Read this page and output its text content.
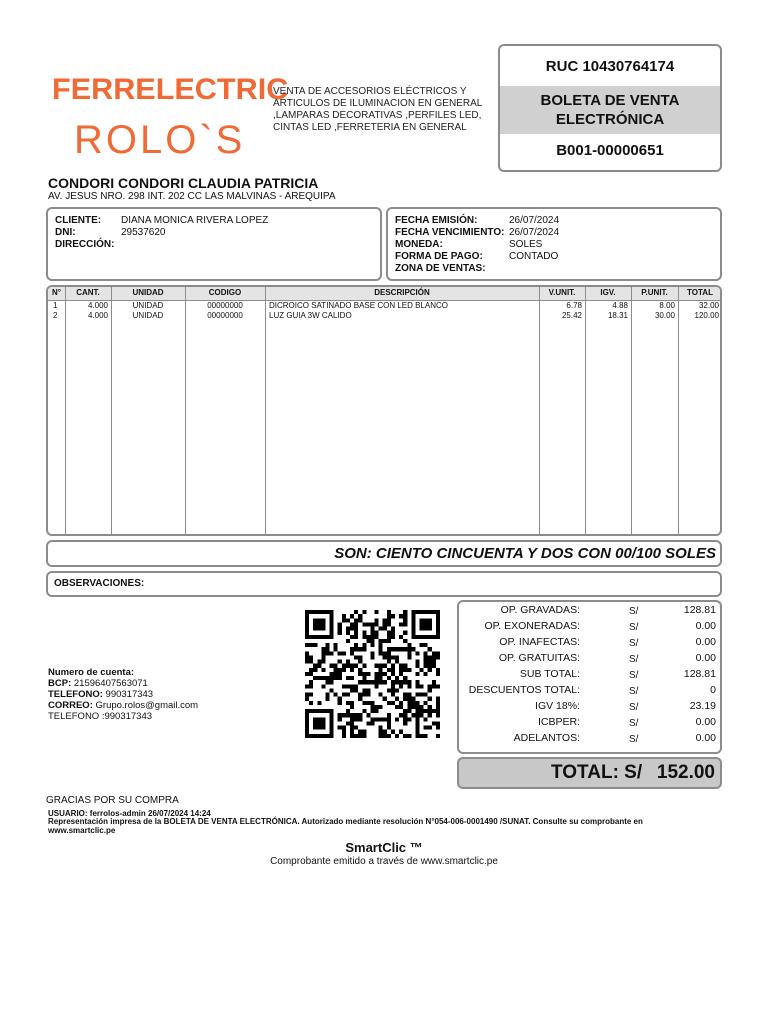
FERRELECTRIC
ROLO`S
VENTA DE ACCESORIOS ELÉCTRICOS Y ARTICULOS DE ILUMINACION EN GENERAL ,LAMPARAS DECORATIVAS ,PERFILES LED, CINTAS LED ,FERRETERIA EN GENERAL
RUC 10430764174
BOLETA DE VENTA ELECTRÓNICA
B001-00000651
CONDORI CONDORI CLAUDIA PATRICIA
AV. JESUS NRO. 298 INT. 202 CC LAS MALVINAS - AREQUIPA
CLIENTE: DIANA MONICA RIVERA LOPEZ
DNI:	29537620
DIRECCIÓN:
FECHA EMISIÓN:	26/07/2024
FECHA VENCIMIENTO: 26/07/2024
MONEDA:	SOLES
FORMA DE PAGO:	CONTADO
ZONA DE VENTAS:
N°	CANT.	UNIDAD	CODIGO	DESCRIPCIÓN	V.UNIT.	IGV.	P.UNIT.	TOTAL
1	4.000	UNIDAD	00000000	DICROICO SATINADO BASE CON LED BLANCO	6.78	4.88	8.00	32.00
2	4.000	UNIDAD	00000000	LUZ GUIA 3W CALIDO	25.42	18.31	30.00	120.00
SON: CIENTO CINCUENTA Y DOS CON 00/100 SOLES
OBSERVACIONES:
Numero de cuenta:
BCP: 21596407563071
TELEFONO: 990317343
CORREO: Grupo.rolos@gmail.com
TELEFONO :990317343
OP. GRAVADAS:	S/	128.81
OP. EXONERADAS:	S/	0.00
OP. INAFECTAS:	S/	0.00
OP. GRATUITAS:	S/	0.00
SUB TOTAL:	S/	128.81
DESCUENTOS TOTAL:	S/	0
IGV 18%:	S/	23.19
ICBPER:	S/	0.00
ADELANTOS:	S/	0.00
TOTAL: S/ 152.00
GRACIAS POR SU COMPRA
USUARIO: ferrolos-admin 26/07/2024 14:24
Representación impresa de la BOLETA DE VENTA ELECTRÓNICA. Autorizado mediante resolución N°054-006-0001490 /SUNAT. Consulte su comprobante en www.smartclic.pe
SmartClic ™
Comprobante emitido a través de www.smartclic.pe
